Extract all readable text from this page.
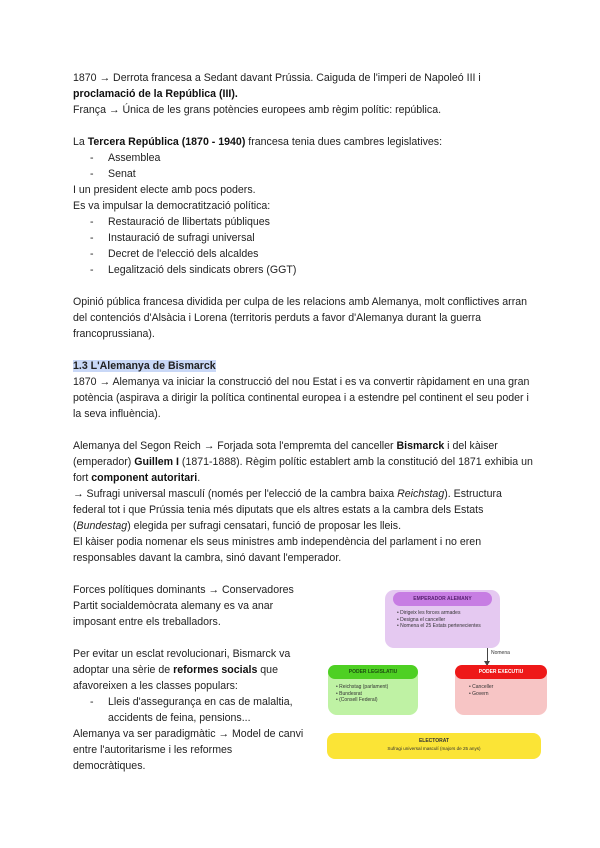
1870 → Derrota francesa a Sedant davant Prússia. Caiguda de l'imperi de Napoleó III i
proclamació de la República (III).

França → Única de les grans potències europees amb règim polític: república.

La Tercera República (1870 - 1940) francesa tenia dues cambres legislatives:

- Assemblea
- Senat

I un president electe amb pocs poders.

Es va impulsar la democratització política:

- Restauració de llibertats públiques
- Instauració de sufragi universal
- Decret de l'elecció dels alcaldes
- Legalització dels sindicats obrers (GGT)

Opinió pública francesa dividida per culpa de les relacions amb Alemanya, molt conflictives arran del contenciós d'Alsàcia i Lorena (territoris perduts a favor d'Alemanya durant la guerra francoprussiana).

1.3 L'Alemanya de Bismarck

1870 → Alemanya va iniciar la construcció del nou Estat i es va convertir ràpidament en una gran potència (aspirava a dirigir la política continental europea i a estendre pel continent el seu poder i la seva influència).

Alemanya del Segon Reich → Forjada sota l'empremta del canceller Bismarck i del kàiser (emperador) Guillem I (1871-1888). Règim polític establert amb la constitució del 1871 exhibia un fort component autoritari.

→ Sufragi universal masculí (només per l'elecció de la cambra baixa Reichstag). Estructura federal tot i que Prússia tenia més diputats que els altres estats a la cambra dels Estats (Bundestag) elegida per sufragi censatari, funció de proposar les lleis.

El kàiser podia nomenar els seus ministres amb independència del parlament i no eren responsables davant la cambra, sinó davant l'emperador.

Forces polítiques dominants → Conservadores

Partit socialdemòcrata alemany es va anar imposant entre els treballadors.

Per evitar un esclat revolucionari, Bismarck va adoptar una sèrie de reformes socials que afavoreixen a les classes populars:

- Lleis d'assegurança en cas de malaltia, accidents de feina, pensions...

Alemanya va ser paradigmàtic → Model de canvi entre l'autoritarisme i les reformes democràtiques.

EMPERADOR ALEMANY
• Dirigeix les forces armades
• Designa el canceller
• Nomena el 25 Estats pertenecientes
Nomena
PODER LEGISLATIU
• Reichstag (parlament)
• Bundesrat
• (Consell Federal)
PODER EXECUTIU
• Canceller
• Govern
ELECTORAT
Sufragi universal masculí (majors de 25 anys)
